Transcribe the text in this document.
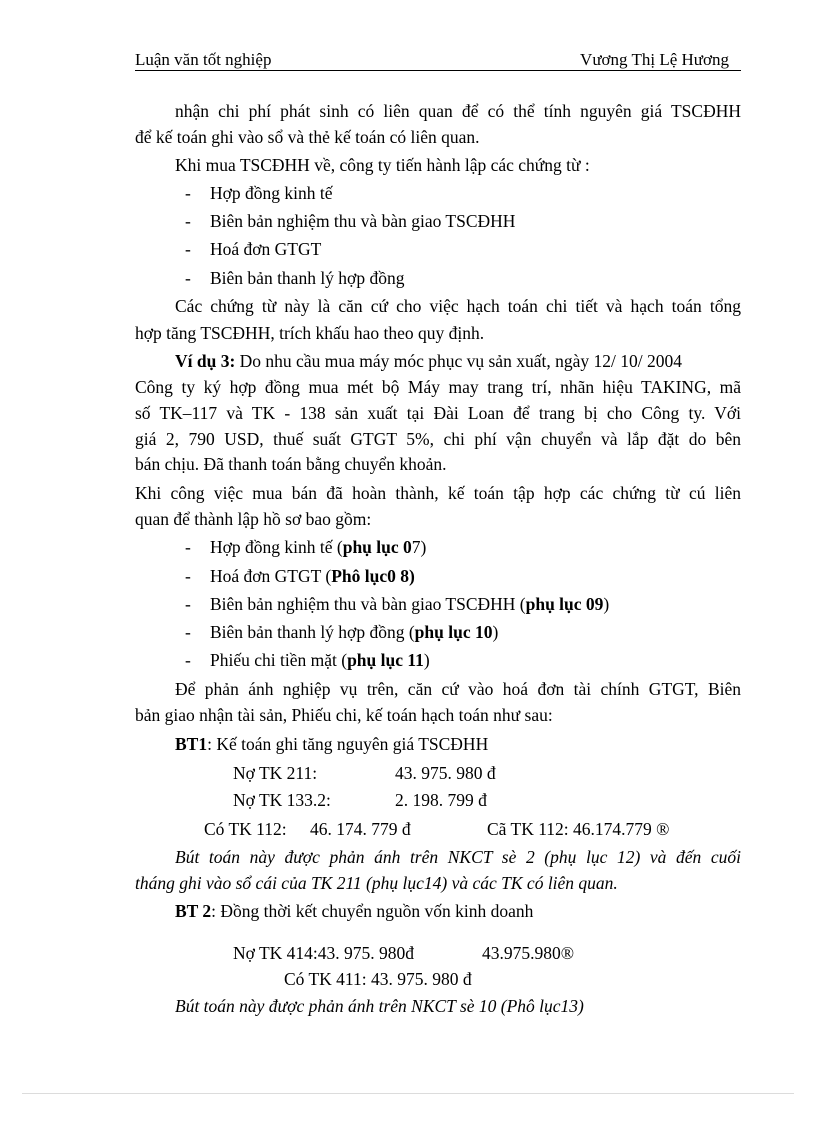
Luận văn tốt nghiệp	Vương Thị Lệ Hương
nhận chi phí phát sinh có liên quan để có thể tính nguyên giá TSCĐHH
để kế toán ghi vào sổ và thẻ kế toán có liên quan.
Khi mua TSCĐHH về, công ty tiến hành lập các chứng từ :
- Hợp đồng kinh tế
- Biên bản nghiệm thu và bàn giao TSCĐHH
- Hoá đơn GTGT
- Biên bản thanh lý hợp đồng
Các chứng từ này là căn cứ cho việc hạch toán chi tiết và hạch toán tổng
hợp tăng TSCĐHH, trích khấu hao theo quy định.
Ví dụ 3: Do nhu cầu mua máy móc phục vụ sản xuất, ngày 12/ 10/ 2004
Công ty ký hợp đồng mua mét bộ Máy may trang trí, nhãn hiệu TAKING, mã
số TK–117 và TK - 138 sản xuất tại Đài Loan để trang bị cho Công ty. Với
giá 2, 790 USD, thuế suất GTGT 5%, chi phí vận chuyển và lắp đặt do bên
bán chịu. Đã thanh toán bằng chuyển khoản.
Khi công việc mua bán đã hoàn thành, kế toán tập hợp các chứng từ cú liên
quan để thành lập hồ sơ bao gồm:
- Hợp đồng kinh tế (phụ lục 07)
- Hoá đơn GTGT (Phô lục0 8)
- Biên bản nghiệm thu và bàn giao TSCĐHH (phụ lục 09)
- Biên bản thanh lý hợp đồng (phụ lục 10)
- Phiếu chi tiền mặt (phụ lục 11)
Để phản ánh nghiệp vụ trên, căn cứ vào hoá đơn tài chính GTGT, Biên
bản giao nhận tài sản, Phiếu chi, kế toán hạch toán như sau:
BT1: Kế toán ghi tăng nguyên giá TSCĐHH
Nợ TK 211:	43. 975. 980 đ
Nợ TK 133.2:	2. 198. 799 đ
Có TK 112: 46. 174. 779 đ	Cã TK 112: 46.174.779 ®
Bút toán này được phản ánh trên NKCT sè 2 (phụ lục 12) và đến cuối
tháng ghi vào sổ cái của TK 211 (phụ lục14) và các TK có liên quan.
BT 2: Đồng thời kết chuyển nguồn vốn kinh doanh
Nợ TK 414:43. 975. 980đ	43.975.980®
Có TK 411: 43. 975. 980 đ
Bút toán này được phản ánh trên NKCT sè 10 (Phô lục13)
